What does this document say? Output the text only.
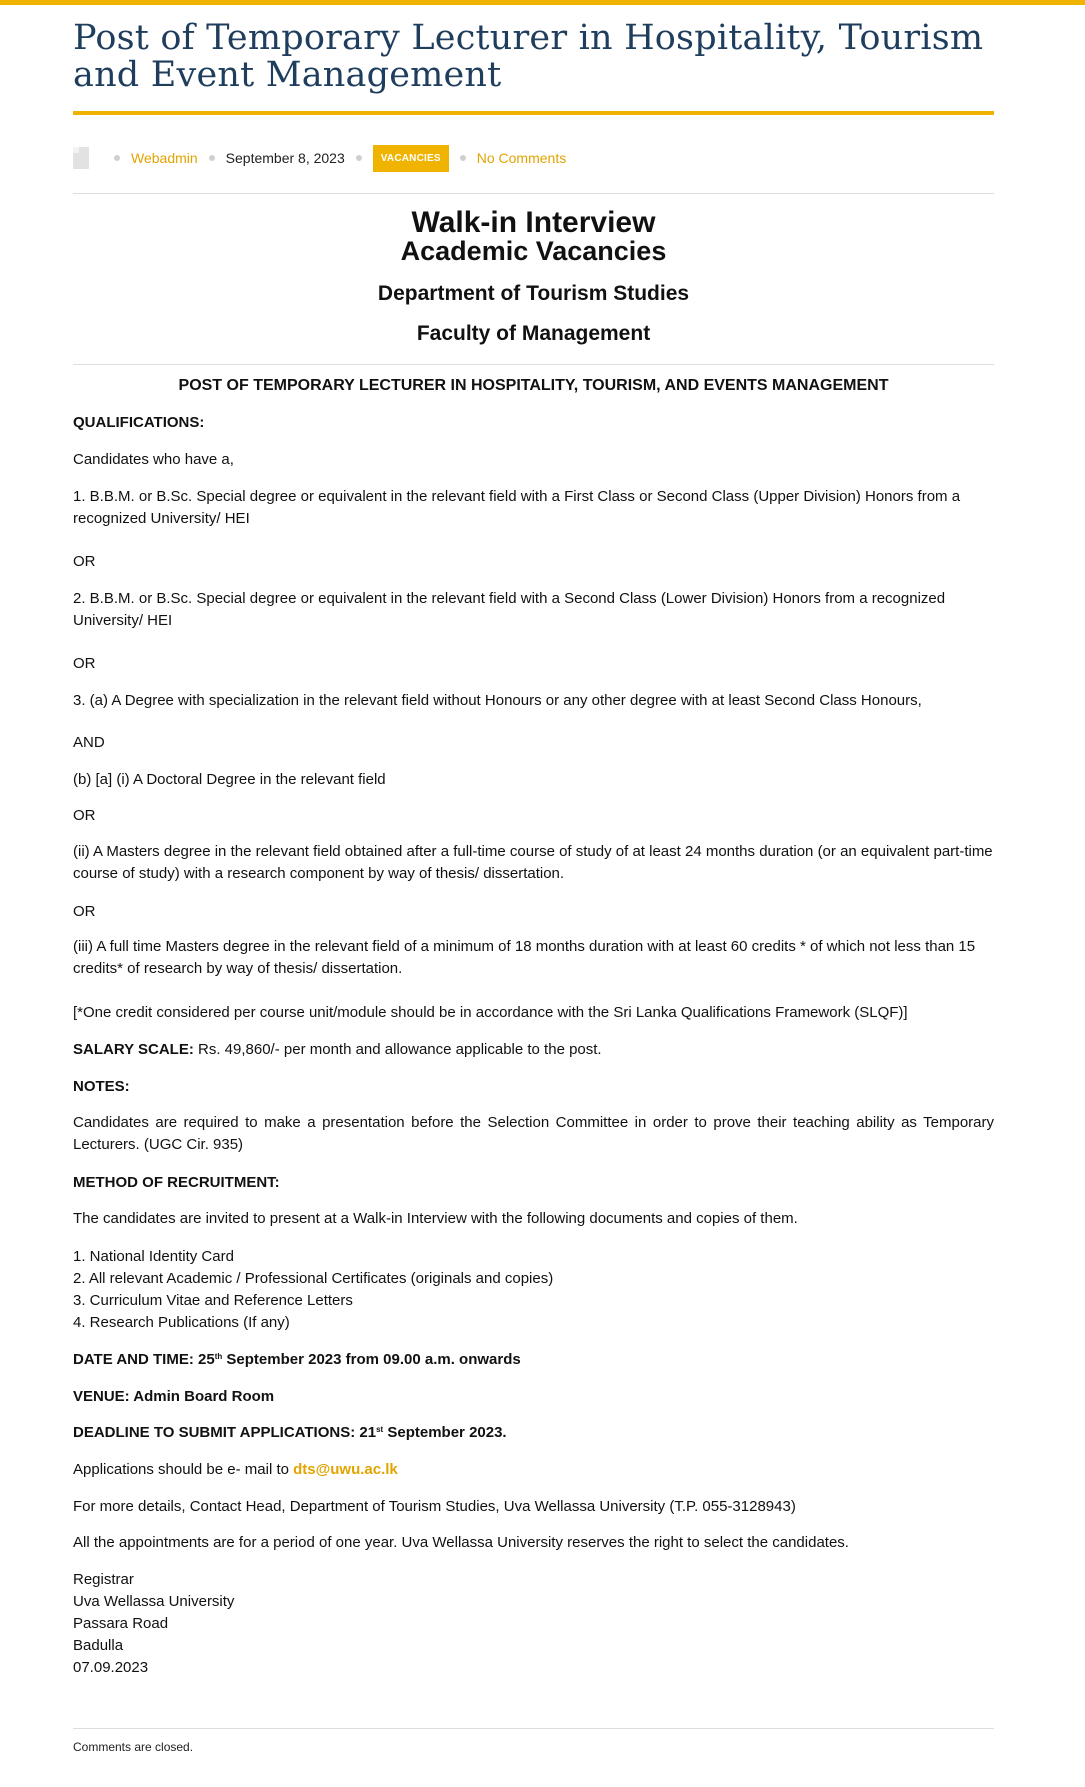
Post of Temporary Lecturer in Hospitality, Tourism
and Event Management
Webadmin September 8, 2023	VACANCIES	No Comments
Walk-in Interview
Academic Vacancies
Department of Tourism Studies
Faculty of Management
POST OF TEMPORARY LECTURER IN HOSPITALITY, TOURISM, AND EVENTS MANAGEMENT
QUALIFICATIONS:
Candidates who have a,
1. B.B.M. or B.Sc. Special degree or equivalent in the relevant field with a First Class or Second Class (Upper Division) Honors from a recognized University/ HEI
OR
2. B.B.M. or B.Sc. Special degree or equivalent in the relevant field with a Second Class (Lower Division) Honors from a recognized University/ HEI
OR
3. (a) A Degree with specialization in the relevant field without Honours or any other degree with at least Second Class Honours,
AND
(b) [a] (i) A Doctoral Degree in the relevant field
OR
(ii) A Masters degree in the relevant field obtained after a full-time course of study of at least 24 months duration (or an equivalent part-time course of study) with a research component by way of thesis/ dissertation.
OR
(iii) A full time Masters degree in the relevant field of a minimum of 18 months duration with at least 60 credits * of which not less than 15 credits* of research by way of thesis/ dissertation.
[*One credit considered per course unit/module should be in accordance with the Sri Lanka Qualifications Framework (SLQF)]
SALARY SCALE: Rs. 49,860/- per month and allowance applicable to the post.
NOTES:
Candidates are required to make a presentation before the Selection Committee in order to prove their teaching ability as Temporary Lecturers. (UGC Cir. 935)
METHOD OF RECRUITMENT:
The candidates are invited to present at a Walk-in Interview with the following documents and copies of them.
1. National Identity Card
2. All relevant Academic / Professional Certificates (originals and copies)
3. Curriculum Vitae and Reference Letters
4. Research Publications (If any)
DATE AND TIME: 25th September 2023 from 09.00 a.m. onwards
VENUE: Admin Board Room
DEADLINE TO SUBMIT APPLICATIONS: 21st September 2023.
Applications should be e- mail to dts@uwu.ac.lk
For more details, Contact Head, Department of Tourism Studies, Uva Wellassa University (T.P. 055-3128943)
All the appointments are for a period of one year. Uva Wellassa University reserves the right to select the candidates.
Registrar
Uva Wellassa University
Passara Road
Badulla
07.09.2023
Comments are closed.
